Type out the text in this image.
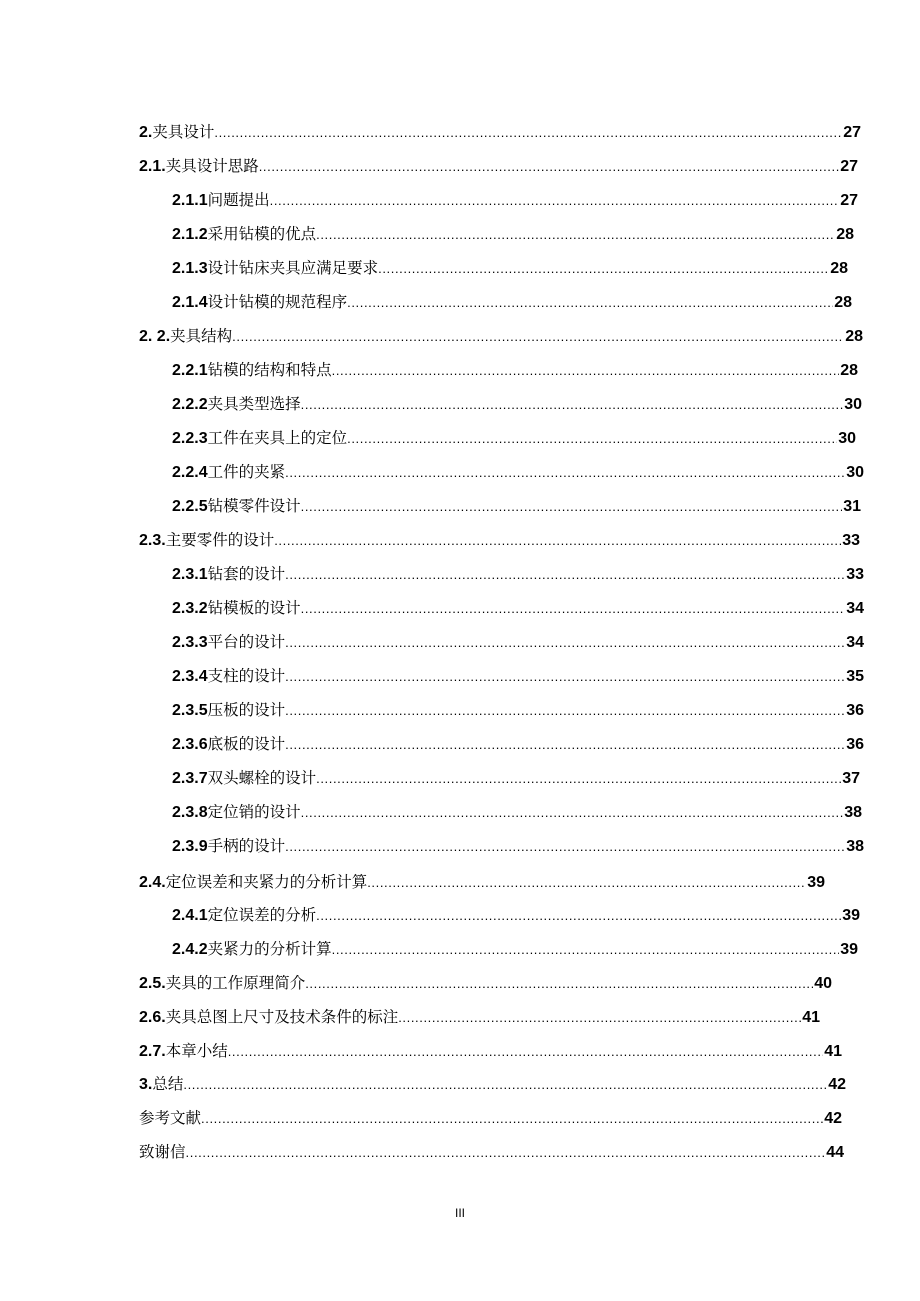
2. 夹具设计 .....	27
2.1. 夹具设计思路 .....	27
2.1.1 问题提出 .....	27
2.1.2 采用钻模的优点 .....	28
2.1.3 设计钻床夹具应满足要求 .....	28
2.1.4 设计钻模的规范程序 .....	28
2. 2. 夹具结构 .....	28
2.2.1 钻模的结构和特点 .....	28
2.2.2 夹具类型选择 .....	30
2.2.3 工件在夹具上的定位 .....	30
2.2.4 工件的夹紧 .....	30
2.2.5 钻模零件设计 .....	31
2.3. 主要零件的设计 .....	33
2.3.1 钻套的设计 .....	33
2.3.2 钻模板的设计 .....	34
2.3.3 平台的设计 .....	34
2.3.4 支柱的设计 .....	35
2.3.5 压板的设计 .....	36
2.3.6 底板的设计 .....	36
2.3.7 双头螺栓的设计 .....	37
2.3.8 定位销的设计 .....	38
2.3.9 手柄的设计 .....	38
2.4. 定位误差和夹紧力的分析计算 .....	39
2.4.1 定位误差的分析 .....	39
2.4.2 夹紧力的分析计算 .....	39
2.5. 夹具的工作原理简介 .....	40
2.6. 夹具总图上尺寸及技术条件的标注 .....	41
2.7. 本章小结 .....	41
3. 总结 .....	42
参考文献 .....	42
致谢信 .....	44
III
